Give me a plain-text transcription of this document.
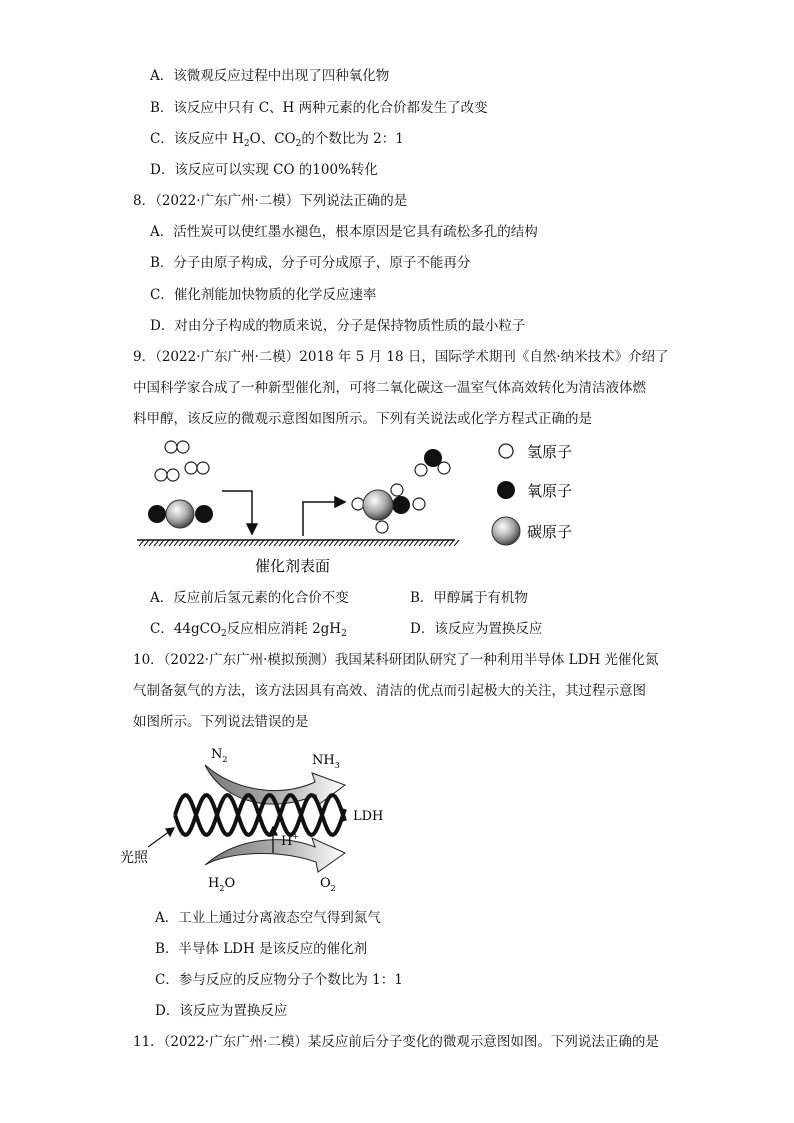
A．该微观反应过程中出现了四种氧化物
B．该反应中只有 C、H 两种元素的化合价都发生了改变
C．该反应中 $H_2O$、$CO_2$的个数比为 2：1
D．该反应可以实现 CO 的100%转化
8．（2022·广东广州·二模）下列说法正确的是
A．活性炭可以使红墨水褪色，根本原因是它具有疏松多孔的结构
B．分子由原子构成，分子可分成原子，原子不能再分
C．催化剂能加快物质的化学反应速率
D．对由分子构成的物质来说，分子是保持物质性质的最小粒子
9．（2022·广东广州·二模）2018 年 5 月 18 日，国际学术期刊《自然·纳米技术》介绍了
中国科学家合成了一种新型催化剂，可将二氧化碳这一温室气体高效转化为清洁液体燃
料甲醇，该反应的微观示意图如图所示。下列有关说法或化学方程式正确的是
氢原子
氧原子
碳原子
催化剂表面
A．反应前后氢元素的化合价不变	B．甲醇属于有机物
C．44gCO$_2$反应相应消耗 $2gH_2$	D．该反应为置换反应
10．（2022·广东广州·模拟预测）我国某科研团队研究了一种利用半导体 LDH 光催化氮
气制备氨气的方法，该方法因具有高效、清洁的优点而引起极大的关注，其过程示意图
如图所示。下列说法错误的是
H+
光照
$N_2$	$NH_3$
LDH
$H_2O$	$O_2$
A．工业上通过分离液态空气得到氮气
B．半导体 LDH 是该反应的催化剂
C．参与反应的反应物分子个数比为 1：1
D．该反应为置换反应
11．（2022·广东广州·二模）某反应前后分子变化的微观示意图如图。下列说法正确的是
